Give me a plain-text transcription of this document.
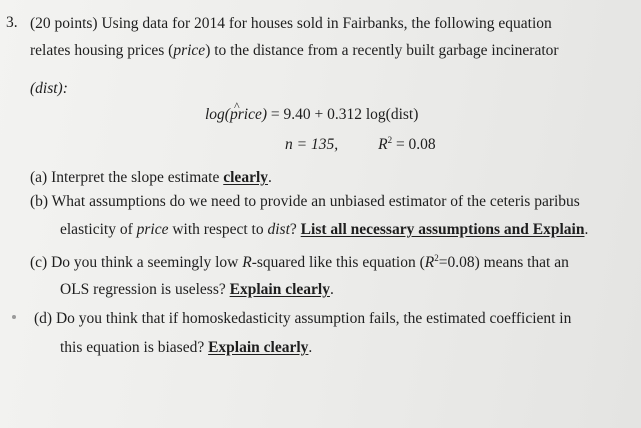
3. (20 points) Using data for 2014 for houses sold in Fairbanks, the following equation
relates housing prices (price) to the distance from a recently built garbage incinerator
(dist):
log(^ price) = 9.40 + 0.312 log(dist)
n = 135,	$R^2 = 0.08$
(a) Interpret the slope estimate clearly.
(b) What assumptions do we need to provide an unbiased estimator of the ceteris paribus
elasticity of price with respect to dist? List all necessary assumptions and Explain.
(c) Do you think a seemingly low R-squared like this equation $(R^2=0.08)$ means that an
OLS regression is useless? Explain clearly.
(d) Do you think that if homoskedasticity assumption fails, the estimated coefficient in
this equation is biased? Explain clearly.
